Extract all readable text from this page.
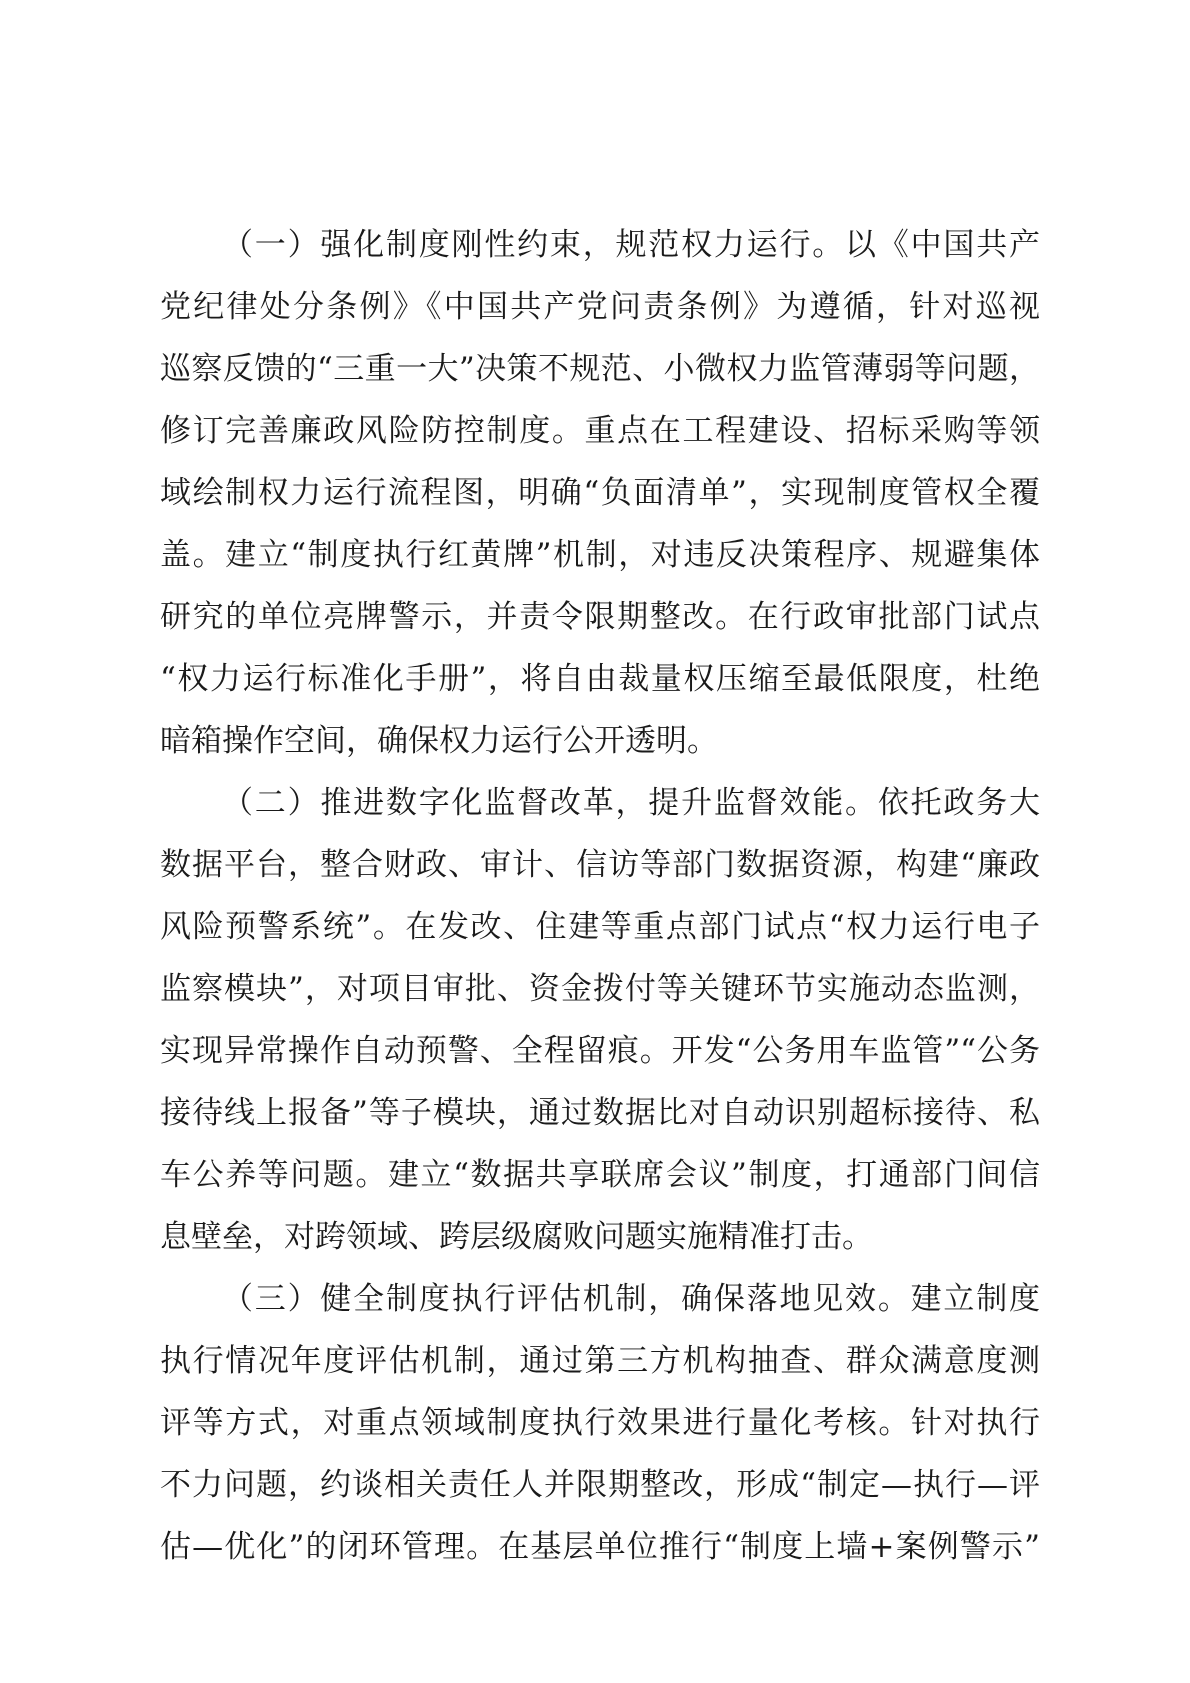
（一）强化制度刚性约束，规范权力运行。以《中国共产
党纪律处分条例》《中国共产党问责条例》为遵循，针对巡视
巡察反馈的“三重一大”决策不规范、小微权力监管薄弱等问题，
修订完善廉政风险防控制度。重点在工程建设、招标采购等领
域绘制权力运行流程图，明确“负面清单”，实现制度管权全覆
盖。建立“制度执行红黄牌”机制，对违反决策程序、规避集体
研究的单位亮牌警示，并责令限期整改。在行政审批部门试点
“权力运行标准化手册”，将自由裁量权压缩至最低限度，杜绝
暗箱操作空间，确保权力运行公开透明。
（二）推进数字化监督改革，提升监督效能。依托政务大
数据平台，整合财政、审计、信访等部门数据资源，构建“廉政
风险预警系统”。在发改、住建等重点部门试点“权力运行电子
监察模块”，对项目审批、资金拨付等关键环节实施动态监测，
实现异常操作自动预警、全程留痕。开发“公务用车监管”“公务
接待线上报备”等子模块，通过数据比对自动识别超标接待、私
车公养等问题。建立“数据共享联席会议”制度，打通部门间信
息壁垒，对跨领域、跨层级腐败问题实施精准打击。
（三）健全制度执行评估机制，确保落地见效。建立制度
执行情况年度评估机制，通过第三方机构抽查、群众满意度测
评等方式，对重点领域制度执行效果进行量化考核。针对执行
不力问题，约谈相关责任人并限期整改，形成“制定—执行—评
估—优化”的闭环管理。在基层单位推行“制度上墙+案例警示”
